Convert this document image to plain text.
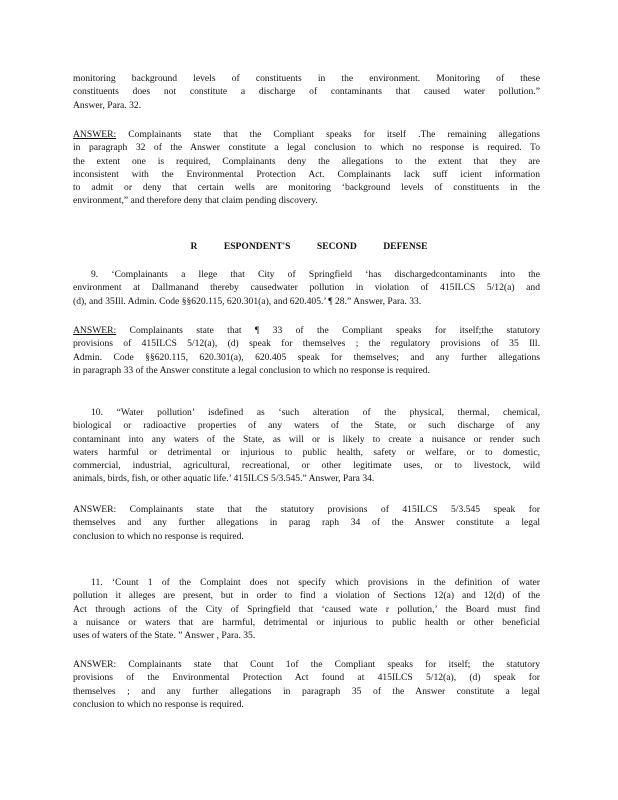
monitoring background levels of constituents in the environment. Monitoring of these
constituents does not constitute a discharge of contaminants that caused water pollution.”
Answer, Para. 32.
ANSWER: Complainants state that the Compliant speaks for itself .The remaining allegations
in paragraph 32 of the Answer constitute a legal conclusion to which no response is required. To
the extent one is required, Complainants deny the allegations to the extent that they are
inconsistent with the Environmental Protection Act. Complainants lack suff icient information
to admit or deny that certain wells are monitoring ‘background levels of constituents in the
environment,” and therefore deny that claim pending discovery.
R ESPONDENT'S SECOND DEFENSE
9. ‘Complainants a llege that City of Springfield ‘has dischargedcontaminants into the
environment at Dallmanand thereby causedwater pollution in violation of 415ILCS 5/12(a) and
(d), and 35Ill. Admin. Code §§620.115, 620.301(a), and 620.405.’ ¶ 28.” Answer, Para. 33.
ANSWER: Complainants state that ¶ 33 of the Compliant speaks for itself;the statutory
provisions of 415ILCS 5/12(a), (d) speak for themselves ; the regulatory provisions of 35 Ill.
Admin. Code §§620.115, 620.301(a), 620.405 speak for themselves; and any further allegations
in paragraph 33 of the Answer constitute a legal conclusion to which no response is required.
10. “Water pollution’ isdefined as ‘such alteration of the physical, thermal, chemical,
biological or radioactive properties of any waters of the State, or such discharge of any
contaminant into any waters of the State, as will or is likely to create a nuisance or render such
waters harmful or detrimental or injurious to public health, safety or welfare, or to domestic,
commercial, industrial, agricultural, recreational, or other legitimate uses, or to livestock, wild
animals, birds, fish, or other aquatic life.’ 415ILCS 5/3.545.” Answer, Para 34.
ANSWER: Complainants state that the statutory provisions of 415ILCS 5/3.545 speak for
themselves and any further allegations in parag raph 34 of the Answer constitute a legal
conclusion to which no response is required.
11. ‘Count 1 of the Complaint does not specify which provisions in the definition of water
pollution it alleges are present, but in order to find a violation of Sections 12(a) and 12(d) of the
Act through actions of the City of Springfield that ‘caused wate r pollution,’ the Board must find
a nuisance or waters that are harmful, detrimental or injurious to public health or other beneficial
uses of waters of the State. ” Answer , Para. 35.
ANSWER: Complainants state that Count 1of the Compliant speaks for itself; the statutory
provisions of the Environmental Protection Act found at 415ILCS 5/12(a), (d) speak for
themselves ; and any further allegations in paragraph 35 of the Answer constitute a legal
conclusion to which no response is required.
